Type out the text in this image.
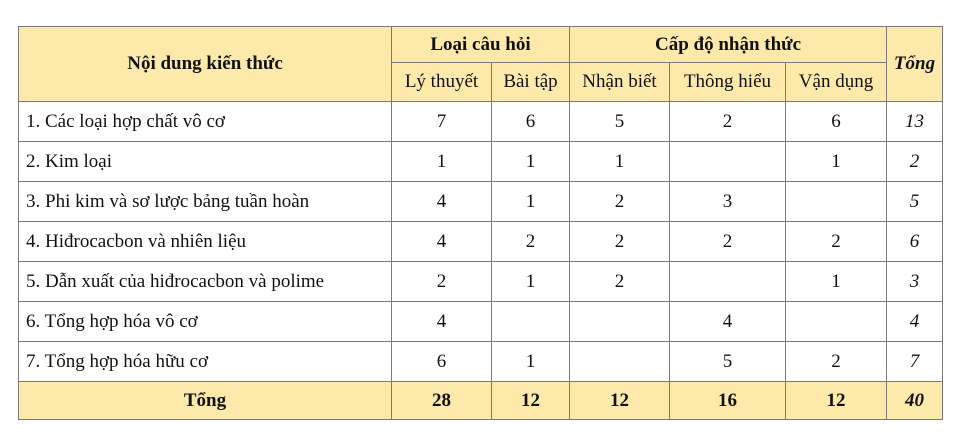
Nội dung kiến thức	Loại câu hỏi		Cấp độ nhận thức			Tổng
	Lý thuyết	Bài tập	Nhận biết	Thông hiểu	Vận dụng	
1. Các loại hợp chất vô cơ	7	6	5	2	6	13
2. Kim loại	1	1	1		1	2
3. Phi kim và sơ lược bảng tuần hoàn	4	1	2	3		5
4. Hiđrocacbon và nhiên liệu	4	2	2	2	2	6
5. Dẫn xuất của hiđrocacbon và polime	2	1	2		1	3
6. Tổng hợp hóa vô cơ	4			4		4
7. Tổng hợp hóa hữu cơ	6	1		5	2	7
Tổng	28	12	12	16	12	40
